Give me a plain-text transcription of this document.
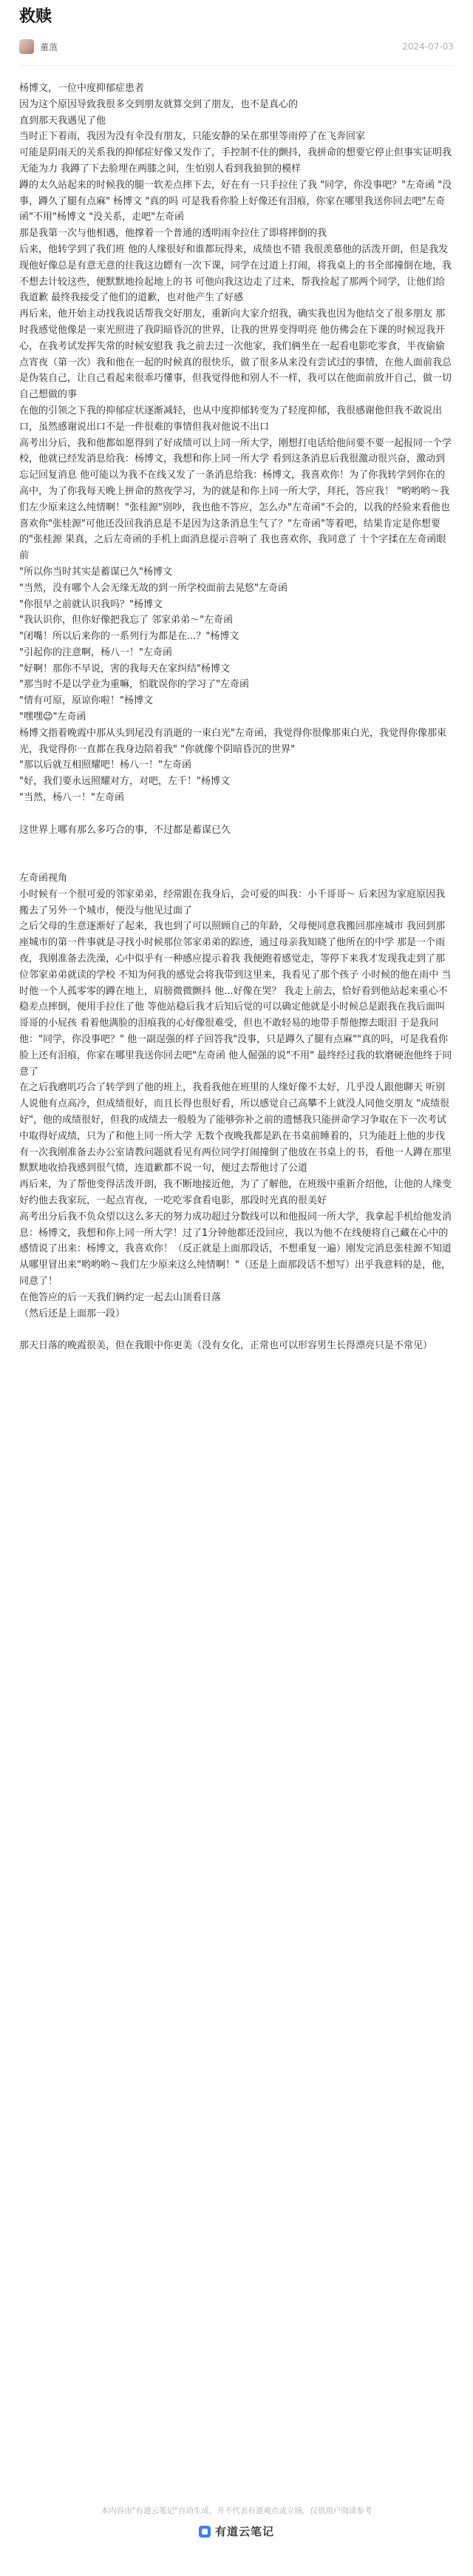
救赎
董蒗	2024-07-03

杨博文，一位中度抑郁症患者

因为这个原因导致我很多交到朋友就算交到了朋友，也不是真心的

直到那天我遇见了他

当时正下着雨，我因为没有伞没有朋友，只能安静的呆在那里等雨停了在飞奔回家

可能是阴雨天的关系我的抑郁症好像又发作了，手控制不住的颤抖，我拼命的想要它停止但事实证明我无能为力 我蹲了下去脸埋在两膝之间，生怕别人看到我狼狈的模样

蹲的太久站起来的时候我的腿一软差点摔下去，好在有一只手拉住了我 "同学，你没事吧？"左奇函 "没事，蹲久了腿有点麻" 杨博文 "真的吗 可是我看你脸上好像还有泪痕，你家在哪里我送你回去吧"左奇函"不用"杨博文 "没关系，走吧"左奇函

那是我第一次与他相遇，他撑着一个普通的透明雨伞拉住了即将摔倒的我

后来，他转学到了我们班 他的人缘很好和谁都玩得来，成绩也不错 我很羡慕他的活泼开朗，但是我发现他好像总是有意无意的往我这边瞟有一次下课，同学在过道上打闹，将我桌上的书全部撞倒在地，我不想去计较这些，便默默地捡起地上的书 可他向我这边走了过来，帮我捡起了那两个同学，让他们给我道歉 最终我接受了他们的道歉，也对他产生了好感

再后来，他开始主动找我说话帮我交好朋友，重新向大家介绍我，确实我也因为他结交了很多朋友 那时我感觉他像是一束光照进了我阴暗昏沉的世界，让我的世界变得明亮 他仿佛会在下课的时候逗我开心，在我考试发挥失常的时候安慰我 我之前去过一次他家，我们俩坐在一起看电影吃零食，半夜偷偷点宵夜（第一次）我和他在一起的时候真的很快乐，做了很多从来没有尝试过的事情，在他人面前我总是伪装自己，让自己看起来很乖巧懂事，但我觉得他和别人不一样，我可以在他面前放开自己，做一切自己想做的事

在他的引领之下我的抑郁症状逐渐减轻，也从中度抑郁转变为了轻度抑郁，我很感谢他但我不敢说出口，虽然感谢说出口不是一件很难的事情但我对他说不出口

高考出分后，我和他都如愿得到了好成绩可以上同一所大学，刚想打电话给他问要不要一起报同一个学校，他就已经发消息给我：杨博文，我想和你上同一所大学 看到这条消息后我很激动很兴奋，激动到忘记回复消息 他可能以为我不在线又发了一条消息给我：杨博文，我喜欢你！为了你我转学到你在的高中，为了你我每天晚上拼命的熬夜学习，为的就是和你上同一所大学，拜托，答应我！ "哟哟哟～我们左少原来这么纯情啊！"张桂源"别吵，我也他不答应，怎么办"左奇函"不会的，以我的经验来看他也喜欢你"张桂源"可他还没回我消息是不是因为这条消息生气了？"左奇函"等着吧，结果肯定是你想要的"张桂源 果真，之后左奇函的手机上面消息提示音响了 我也喜欢你，我同意了 十个字揉在左奇函眼前

"所以你当时其实是蓄谋已久"杨博文

"当然，没有哪个人会无缘无故的到一所学校面前去晃悠"左奇函

"你很早之前就认识我吗？"杨博文

"我认识你，但你好像把我忘了 邻家弟弟～"左奇函

"闭嘴！所以后来你的一系列行为都是在...？"杨博文

"引起你的注意啊，杨八一！"左奇函

"好啊！那你不早说，害的我每天在家纠结"杨博文

"那当时不是以学业为重嘛，怕耽误你的学习了"左奇函

"情有可原，原谅你啦！"杨博文

"嘿嘿😉"左奇函

杨博文指着晚霞中那从头到尾没有消逝的一束白光"左奇函，我觉得你很像那束白光，我觉得你像那束光，我觉得你一直都在我身边陪着我" "你就像个阴暗昏沉的世界"

"那以后就互相照耀吧！杨八一！"左奇函

"好，我们要永远照耀对方，对吧，左千！"杨博文

"当然，杨八一！"左奇函

这世界上哪有那么多巧合的事，不过都是蓄谋已久

左奇函视角

小时候有一个很可爱的邻家弟弟，经常跟在我身后，会可爱的叫我：小千哥哥～ 后来因为家庭原因我搬去了另外一个城市，便没与他见过面了

之后父母的生意逐渐好了起来，我也到了可以照顾自己的年龄，父母便同意我搬回那座城市 我回到那座城市的第一件事就是寻找小时候那位邻家弟弟的踪迹，通过母亲我知晓了他所在的中学 那是一个雨夜，我刚准备去洗澡，心中似乎有一种感应提示着我 我便跑着感觉走，等停下来我才发现我走到了那位邻家弟弟就读的学校 不知为何我的感觉会将我带到这里来，我看见了那个孩子 小时候的他在雨中 当时他一个人孤零零的蹲在地上，肩膀微微颤抖 他...好像在哭？ 我走上前去，恰好看到他站起来重心不稳差点摔倒，便用手拉住了他 等他站稳后我才后知后觉的可以确定他就是小时候总是跟我在我后面叫哥哥的小屁孩 看着他满脸的泪痕我的心好像很难受，但也不敢轻易的地带手帮他擦去眼泪 于是我问他："同学，你没事吧？" 他一副逞强的样子回答我"没事，只是蹲久了腿有点麻""真的吗，可是我看你脸上还有泪痕，你家在哪里我送你回去吧"左奇函 他人倔强的说"不用" 最终经过我的软磨硬泡他终于同意了

在之后我磨叽巧合了转学到了他的班上，我看我他在班里的人缘好像不太好，几乎没人跟他聊天 听别人说他有点高冷，但成绩很好，而且长得也很好看，所以感觉自己高攀不上就没人同他交朋友 "成绩很好"，他的成绩很好，但我的成绩去一般般为了能够弥补之前的遗憾我只能拼命学习争取在下一次考试中取得好成绩，只为了和他上同一所大学 无数个夜晚我都是趴在书桌前睡着的，只为能赶上他的步伐

有一次我刚准备去办公室请教问题就看见有两位同学打闹撞倒了他放在书桌上的书，看他一人蹲在那里默默地收拾我感到很气愤，连道歉都不说一句，便过去帮他讨了公道

再后来，为了帮他变得活泼开朗，我不断地接近他，为了了解他，在班级中重新介绍他，让他的人缘变好约他去我家玩，一起点宵夜，一吃吃零食看电影，那段时光真的很美好

高考出分后我不负众望以这么多天的努力成功超过分数线可以和他报同一所大学，我拿起手机给他发消息：杨博文，我想和你上同一所大学！过了1分钟他都还没回应，我以为他不在线便将自己藏在心中的感情说了出来：杨博文，我喜欢你！（反正就是上面那段话，不想重复一遍）刚发完消息张桂源不知道从哪里冒出来"哟哟哟～我们左少原来这么纯情啊！"（还是上面那段话不想写）出乎我意料的是，他，同意了！

在他答应的后一天我们俩约定一起去山顶看日落

（然后还是上面那一段）

那天日落的晚霞很美，但在我眼中你更美（没有女化，正常也可以形容男生长得漂亮只是不常见）

本内容由"有道云笔记"自动生成，并不代表有道观点或立场，仅供用户阅读参考
有道云笔记
